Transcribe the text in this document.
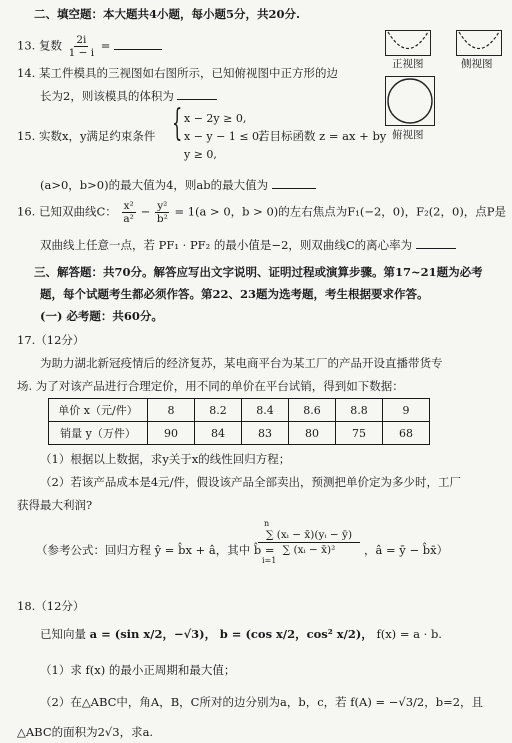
二、填空题：本大题共4小题，每小题5分，共20分.
13. 复数 $\frac{2i}{1 - i}$ =
正视图	侧视图
俯视图
14. 某工件模具的三视图如右图所示，已知俯视图中正方形的边
长为2，则该模具的体积为
15. 实数x，y满足约束条件 { x − 2y ≥ 0,
x − y − 1 ≤ 0,
y ≥ 0,
若目标函数 z = ax + by
(a>0，b>0)的最大值为4，则ab的最大值为
16. 已知双曲线C： $\frac{\text{x²}}{\text{a²}} - \frac{\text{y²}}{\text{b²}} = 1(a > 0$，b > 0)的左右焦点为F₁(−2，0)，F₂(2，0)，点P是
双曲线上任意一点，若 PF₁ · PF₂ 的最小值是−2，则双曲线C的离心率为
三、解答题：共70分。解答应写出文字说明、证明过程或演算步骤。第17~21题为必考
题，每个试题考生都必须作答。第22、23题为选考题，考生根据要求作答。
(一) 必考题：共60分。
17.（12分）
为助力湖北新冠疫情后的经济复苏，某电商平台为某工厂的产品开设直播带货专
场. 为了对该产品进行合理定价，用不同的单价在平台试销，得到如下数据：
单价 x（元/件）	8	8.2	8.4	8.6	8.8	9
销量 y（万件）	90	84	83	80	75	68
（1）根据以上数据，求y关于x的线性回归方程；
（2）若该产品成本是4元/件，假设该产品全部卖出，预测把单价定为多少时，工厂
获得最大利润?
（参考公式：回归方程 ŷ = b̂x + â，其中 b̂ =
n
∑ (xᵢ − x̄)(yᵢ − ȳ)
∑ (xᵢ − x̄)²
i=1
，â = ȳ − b̂x̄）
18.（12分）
已知向量 a = (sin x/2，−√3)， b = (cos x/2，cos² x/2)， f(x) = a · b.
（1）求 f(x) 的最小正周期和最大值；
（2）在△ABC中，角A，B，C所对的边分别为a，b，c，若 f(A) = −√3/2，b=2，且
△ABC的面积为2√3，求a.
